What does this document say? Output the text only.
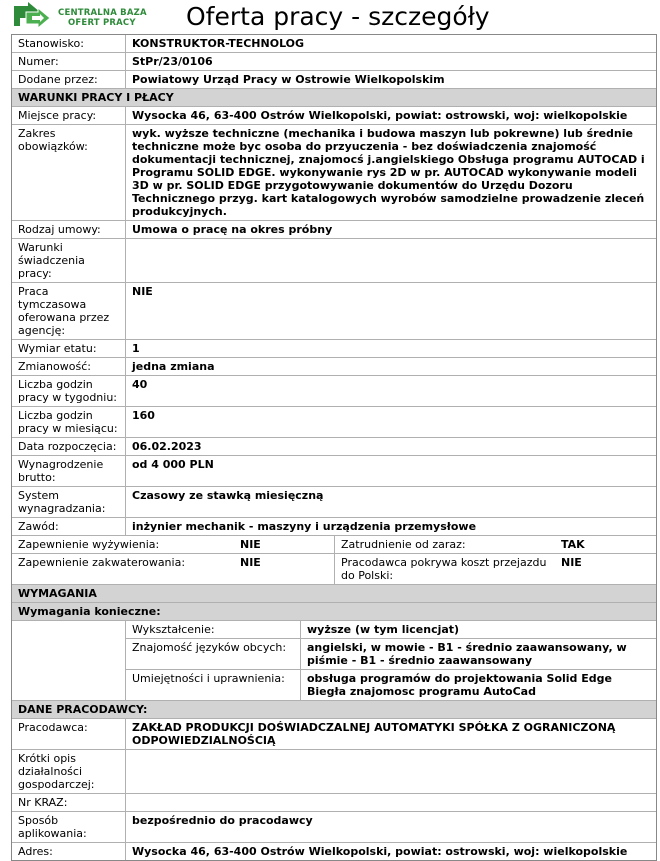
CENTRALNA BAZA
OFERT PRACY	Oferta pracy - szczegóły
Stanowisko:	KONSTRUKTOR-TECHNOLOG
Numer:	StPr/23/0106
Dodane przez:	Powiatowy Urząd Pracy w Ostrowie Wielkopolskim
WARUNKI PRACY I PŁACY
Miejsce pracy:	Wysocka 46, 63-400 Ostrów Wielkopolski, powiat: ostrowski, woj: wielkopolskie
Zakres obowiązków:
wyk. wyższe techniczne (mechanika i budowa maszyn lub pokrewne) lub średnie techniczne może byc osoba do przyuczenia - bez doświadczenia znajomość dokumentacji technicznej, znajomocś j.angielskiego Obsługa programu AUTOCAD i Programu SOLID EDGE. wykonywanie rys 2D w pr. AUTOCAD wykonywanie modeli 3D w pr. SOLID EDGE przygotowywanie dokumentów do Urzędu Dozoru Technicznego przyg. kart katalogowych wyrobów samodzielne prowadzenie zleceń produkcyjnych.
Rodzaj umowy:	Umowa o pracę na okres próbny
Warunki świadczenia pracy:
Praca tymczasowa oferowana przez agencję:
NIE
Wymiar etatu:	1
Zmianowość:	jedna zmiana
Liczba godzin pracy w tygodniu:
40
Liczba godzin pracy w miesiącu:
160
Data rozpoczęcia:	06.02.2023
Wynagrodzenie brutto:
od 4 000 PLN
System wynagradzania:
Czasowy ze stawką miesięczną
Zawód:	inżynier mechanik - maszyny i urządzenia przemysłowe
Zapewnienie wyżywienia:	NIE	Zatrudnienie od zaraz:	TAK
Zapewnienie zakwaterowania:	NIE	Pracodawca pokrywa koszt przejazdu do Polski:
NIE
WYMAGANIA
Wymagania konieczne:
Wykształcenie:	wyższe (w tym licencjat)
Znajomość języków obcych:	angielski, w mowie - B1 - średnio zaawansowany, w piśmie - B1 - średnio zaawansowany
Umiejętności i uprawnienia:	obsługa programów do projektowania Solid Edge Biegła znajomosc programu AutoCad
DANE PRACODAWCY:
Pracodawca:	ZAKŁAD PRODUKCJI DOŚWIADCZALNEJ AUTOMATYKI SPÓŁKA Z OGRANICZONĄ ODPOWIEDZIALNOŚCIĄ
Krótki opis działalności gospodarczej:
Nr KRAZ:
Sposób aplikowania:
bezpośrednio do pracodawcy
Adres:	Wysocka 46, 63-400 Ostrów Wielkopolski, powiat: ostrowski, woj: wielkopolskie
